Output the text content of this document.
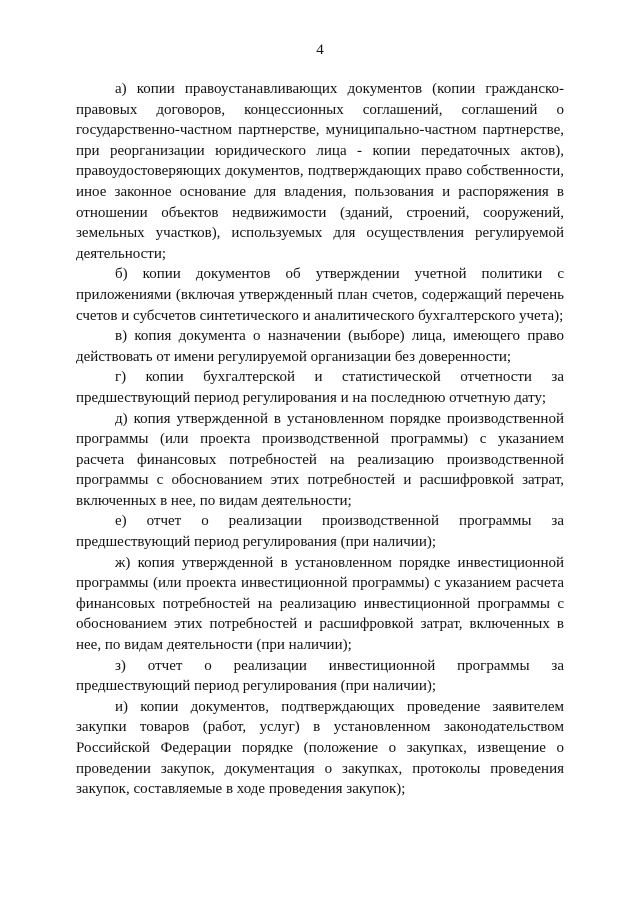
4

а) копии правоустанавливающих документов (копии гражданско-правовых договоров, концессионных соглашений, соглашений о государственно-частном партнерстве, муниципально-частном партнерстве, при реорганизации юридического лица - копии передаточных актов), правоудостоверяющих документов, подтверждающих право собственности, иное законное основание для владения, пользования и распоряжения в отношении объектов недвижимости (зданий, строений, сооружений, земельных участков), используемых для осуществления регулируемой деятельности;

б) копии документов об утверждении учетной политики с приложениями (включая утвержденный план счетов, содержащий перечень счетов и субсчетов синтетического и аналитического бухгалтерского учета);

в) копия документа о назначении (выборе) лица, имеющего право действовать от имени регулируемой организации без доверенности;

г) копии бухгалтерской и статистической отчетности за предшествующий период регулирования и на последнюю отчетную дату;

д) копия утвержденной в установленном порядке производственной программы (или проекта производственной программы) с указанием расчета финансовых потребностей на реализацию производственной программы с обоснованием этих потребностей и расшифровкой затрат, включенных в нее, по видам деятельности;

е) отчет о реализации производственной программы за предшествующий период регулирования (при наличии);

ж) копия утвержденной в установленном порядке инвестиционной программы (или проекта инвестиционной программы) с указанием расчета финансовых потребностей на реализацию инвестиционной программы с обоснованием этих потребностей и расшифровкой затрат, включенных в нее, по видам деятельности (при наличии);

з) отчет о реализации инвестиционной программы за предшествующий период регулирования (при наличии);

и) копии документов, подтверждающих проведение заявителем закупки товаров (работ, услуг) в установленном законодательством Российской Федерации порядке (положение о закупках, извещение о проведении закупок, документация о закупках, протоколы проведения закупок, составляемые в ходе проведения закупок);
